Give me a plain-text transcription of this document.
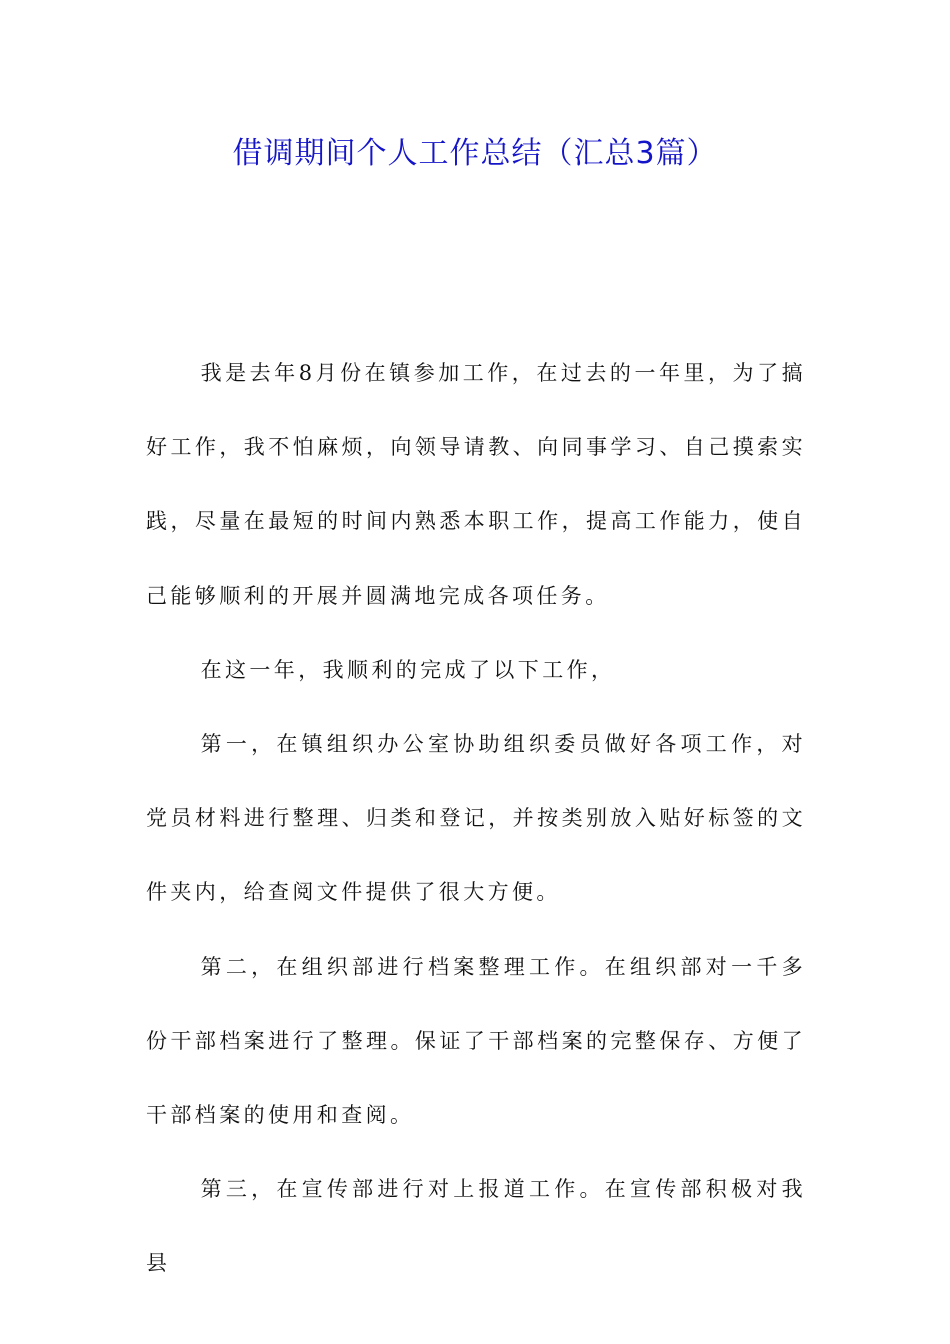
借调期间个人工作总结（汇总3篇）

我是去年8月份在镇参加工作，在过去的一年里，为了搞好工作，我不怕麻烦，向领导请教、向同事学习、自己摸索实践，尽量在最短的时间内熟悉本职工作，提高工作能力，使自己能够顺利的开展并圆满地完成各项任务。

在这一年，我顺利的完成了以下工作，

第一，在镇组织办公室协助组织委员做好各项工作，对党员材料进行整理、归类和登记，并按类别放入贴好标签的文件夹内，给查阅文件提供了很大方便。

第二，在组织部进行档案整理工作。在组织部对一千多份干部档案进行了整理。保证了干部档案的完整保存、方便了干部档案的使用和查阅。

第三，在宣传部进行对上报道工作。在宣传部积极对我县
